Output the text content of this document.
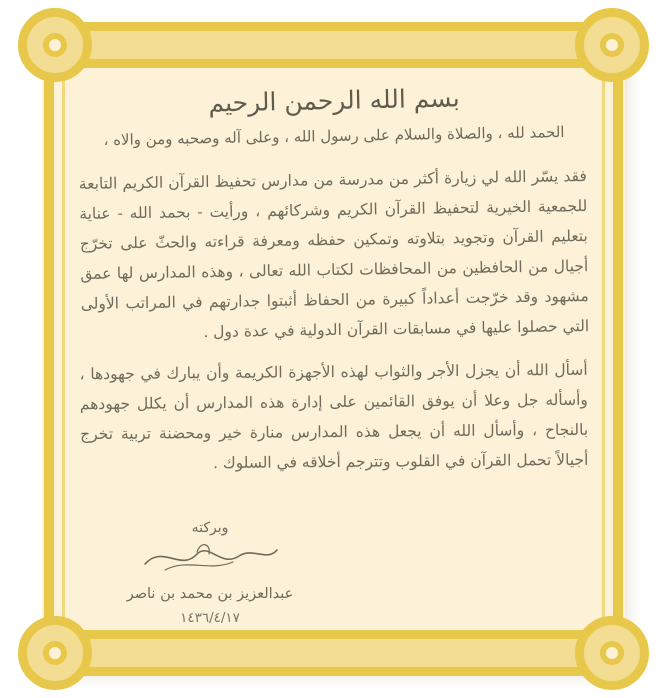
بسم الله الرحمن الرحيم

الحمد لله ، والصلاة والسلام على رسول الله ، وعلى آله وصحبه ومن والاه ،

فقد يسّر الله لي زيارة أكثر من مدرسة من مدارس تحفيظ القرآن الكريم التابعة للجمعية الخيرية لتحفيظ القرآن الكريم وشركائهم ، ورأيت - بحمد الله - عناية بتعليم القرآن وتجويد بتلاوته وتمكين حفظه ومعرفة قراءته والحثّ على تخرّج أجيال من الحافظين من المحافظات لكتاب الله تعالى ، وهذه المدارس لها عمق مشهود وقد خرّجت أعداداً كبيرة من الحفاظ أثبتوا جدارتهم في المراتب الأولى التي حصلوا عليها في مسابقات القرآن الدولية في عدة دول .

أسأل الله أن يجزل الأجر والثواب لهذه الأجهزة الكريمة وأن يبارك في جهودها ، وأسأله جل وعلا أن يوفق القائمين على إدارة هذه المدارس أن يكلل جهودهم بالنجاح ، وأسأل الله أن يجعل هذه المدارس منارة خير ومحضنة تربية تخرج أجيالاً تحمل القرآن في القلوب وتترجم أخلاقه في السلوك .

وبركته
عبدالعزيز بن محمد بن ناصر
١٤٣٦/٤/١٧
